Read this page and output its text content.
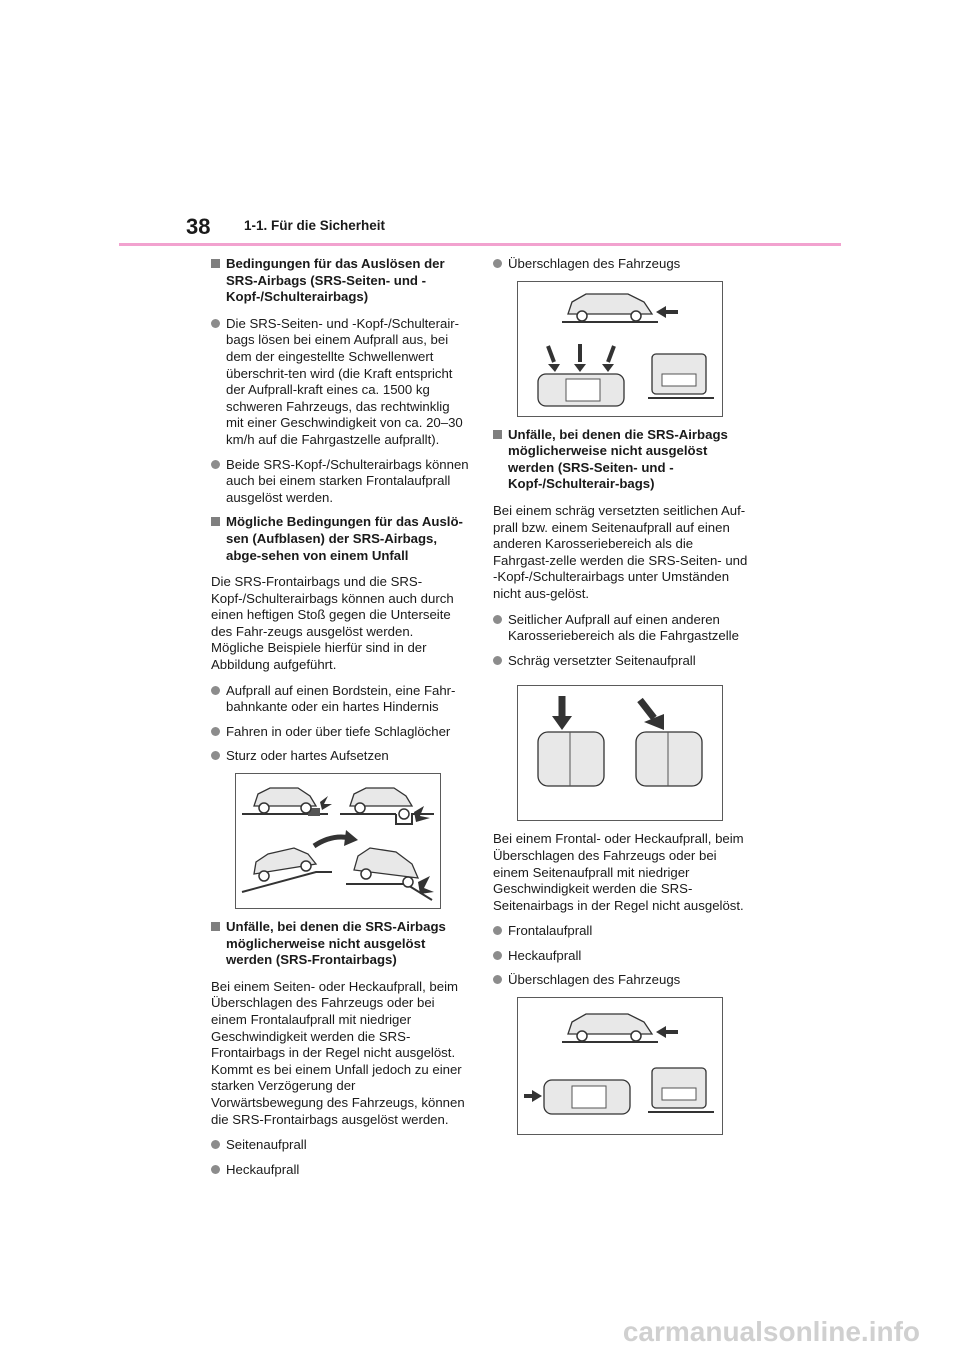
38 1-1. Für die Sicherheit
Bedingungen für das Auslösen der SRS-Airbags (SRS-Seiten- und -Kopf-/Schulterairbags)
Die SRS-Seiten- und -Kopf-/Schulterair-bags lösen bei einem Aufprall aus, bei dem der eingestellte Schwellenwert überschrit-ten wird (die Kraft entspricht der Aufprall-kraft eines ca. 1500 kg schweren Fahrzeugs, das rechtwinklig mit einer Geschwindigkeit von ca. 20–30 km/h auf die Fahrgastzelle aufprallt).
Beide SRS-Kopf-/Schulterairbags können auch bei einem starken Frontalaufprall ausgelöst werden.
Mögliche Bedingungen für das Auslö-sen (Aufblasen) der SRS-Airbags, abge-sehen von einem Unfall
Die SRS-Frontairbags und die SRS-Kopf-/Schulterairbags können auch durch einen heftigen Stoß gegen die Unterseite des Fahr-zeugs ausgelöst werden. Mögliche Beispiele hierfür sind in der Abbildung aufgeführt.
Aufprall auf einen Bordstein, eine Fahr-bahnkante oder ein hartes Hindernis
Fahren in oder über tiefe Schlaglöcher
Sturz oder hartes Aufsetzen
Unfälle, bei denen die SRS-Airbags möglicherweise nicht ausgelöst werden (SRS-Frontairbags)
Bei einem Seiten- oder Heckaufprall, beim Überschlagen des Fahrzeugs oder bei einem Frontalaufprall mit niedriger Geschwindigkeit werden die SRS-Frontairbags in der Regel nicht ausgelöst. Kommt es bei einem Unfall jedoch zu einer starken Verzögerung der Vorwärtsbewegung des Fahrzeugs, können die SRS-Frontairbags ausgelöst werden.
Seitenaufprall
Heckaufprall
Überschlagen des Fahrzeugs
Unfälle, bei denen die SRS-Airbags möglicherweise nicht ausgelöst werden (SRS-Seiten- und -Kopf-/Schulterair-bags)
Bei einem schräg versetzten seitlichen Auf-prall bzw. einem Seitenaufprall auf einen anderen Karosseriebereich als die Fahrgast-zelle werden die SRS-Seiten- und -Kopf-/Schulterairbags unter Umständen nicht aus-gelöst.
Seitlicher Aufprall auf einen anderen Karosseriebereich als die Fahrgastzelle
Schräg versetzter Seitenaufprall
Bei einem Frontal- oder Heckaufprall, beim Überschlagen des Fahrzeugs oder bei einem Seitenaufprall mit niedriger Geschwindigkeit werden die SRS-Seitenairbags in der Regel nicht ausgelöst.
Frontalaufprall
Heckaufprall
Überschlagen des Fahrzeugs
carmanualsonline.info
